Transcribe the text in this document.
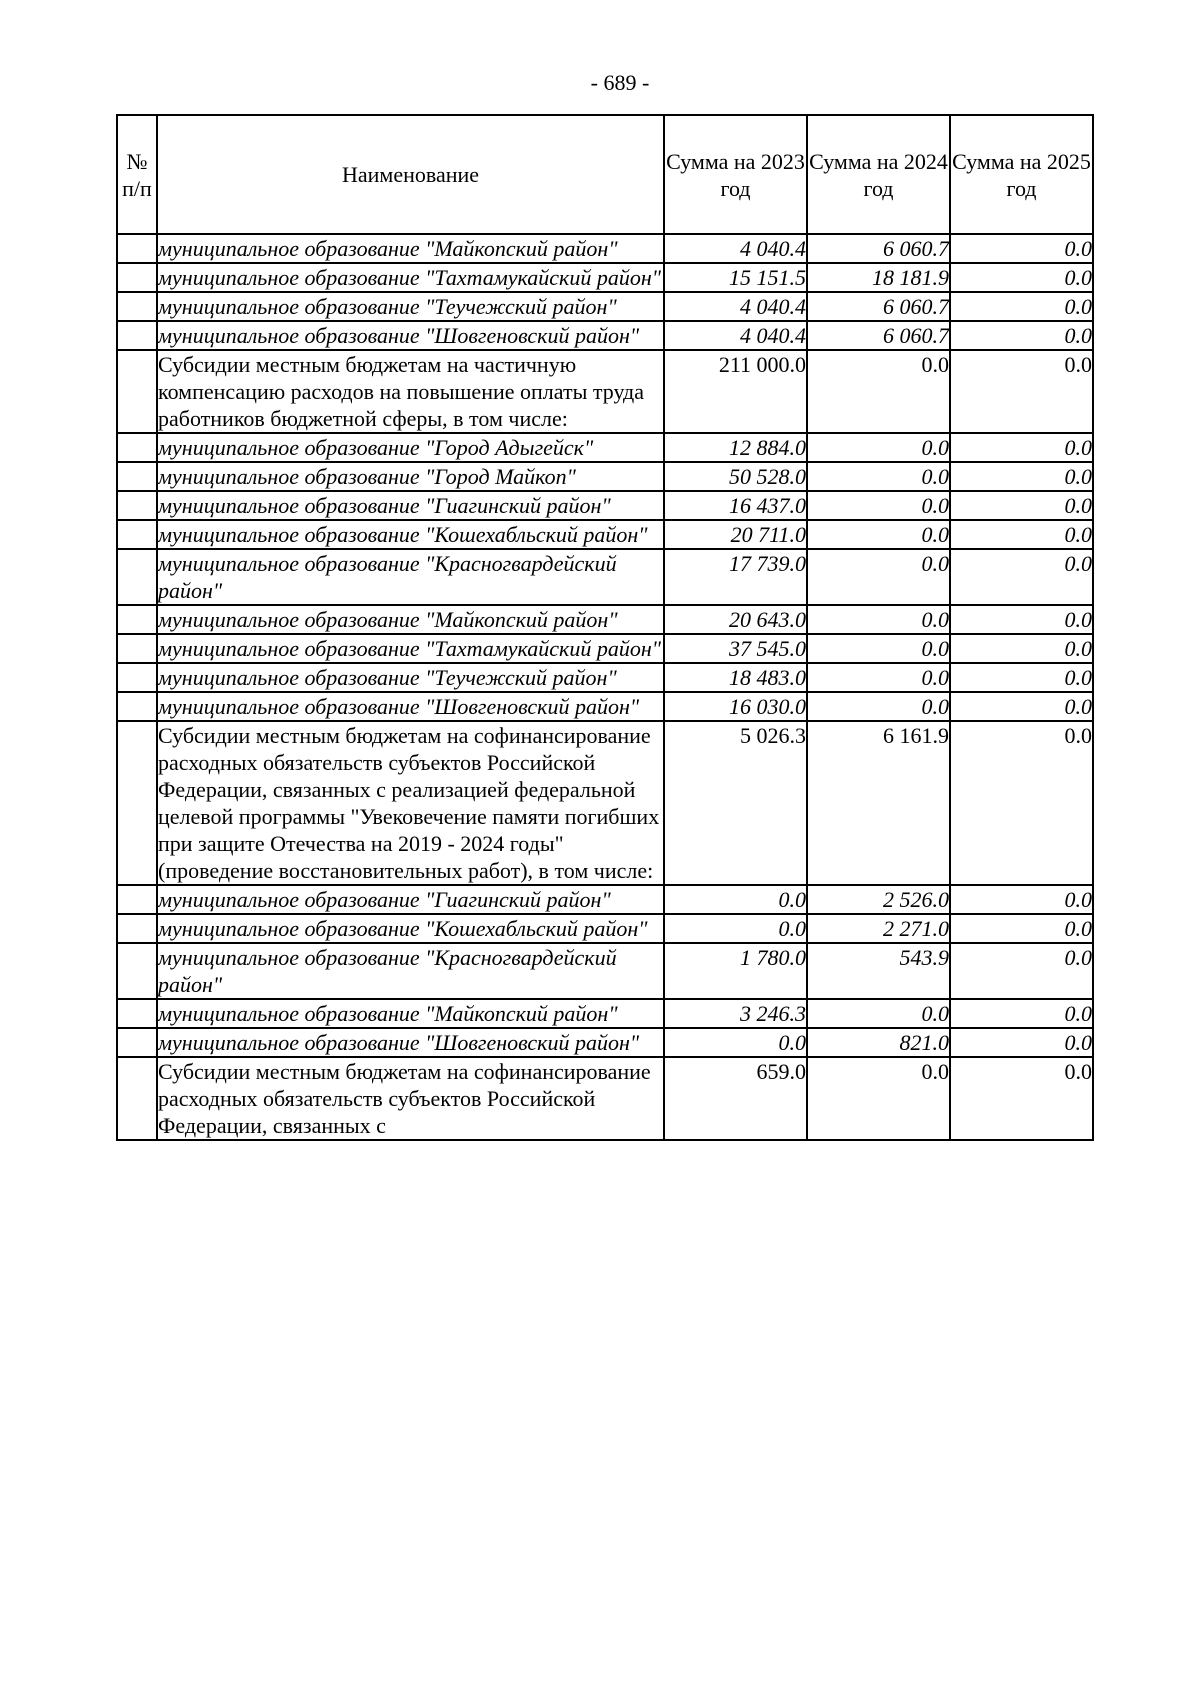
- 689 -
№ п/п	Наименование	Сумма на 2023 год	Сумма на 2024 год	Сумма на 2025 год
	муниципальное образование "Майкопский район"	4 040.4	6 060.7	0.0
	муниципальное образование "Тахтамукайский район"	15 151.5	18 181.9	0.0
	муниципальное образование "Теучежский район"	4 040.4	6 060.7	0.0
	муниципальное образование "Шовгеновский район"	4 040.4	6 060.7	0.0
	Субсидии местным бюджетам на частичную компенсацию расходов на повышение оплаты труда работников бюджетной сферы, в том числе:	211 000.0	0.0	0.0
	муниципальное образование "Город Адыгейск"	12 884.0	0.0	0.0
	муниципальное образование "Город Майкоп"	50 528.0	0.0	0.0
	муниципальное образование "Гиагинский район"	16 437.0	0.0	0.0
	муниципальное образование "Кошехабльский район"	20 711.0	0.0	0.0
	муниципальное образование "Красногвардейский район"	17 739.0	0.0	0.0
	муниципальное образование "Майкопский район"	20 643.0	0.0	0.0
	муниципальное образование "Тахтамукайский район"	37 545.0	0.0	0.0
	муниципальное образование "Теучежский район"	18 483.0	0.0	0.0
	муниципальное образование "Шовгеновский район"	16 030.0	0.0	0.0
	Субсидии местным бюджетам на софинансирование расходных обязательств субъектов Российской Федерации, связанных с реализацией федеральной целевой программы "Увековечение памяти погибших при защите Отечества на 2019 - 2024 годы" (проведение восстановительных работ), в том числе:	5 026.3	6 161.9	0.0
	муниципальное образование "Гиагинский район"	0.0	2 526.0	0.0
	муниципальное образование "Кошехабльский район"	0.0	2 271.0	0.0
	муниципальное образование "Красногвардейский район"	1 780.0	543.9	0.0
	муниципальное образование "Майкопский район"	3 246.3	0.0	0.0
	муниципальное образование "Шовгеновский район"	0.0	821.0	0.0
	Субсидии местным бюджетам на софинансирование расходных обязательств субъектов Российской Федерации, связанных с	659.0	0.0	0.0
